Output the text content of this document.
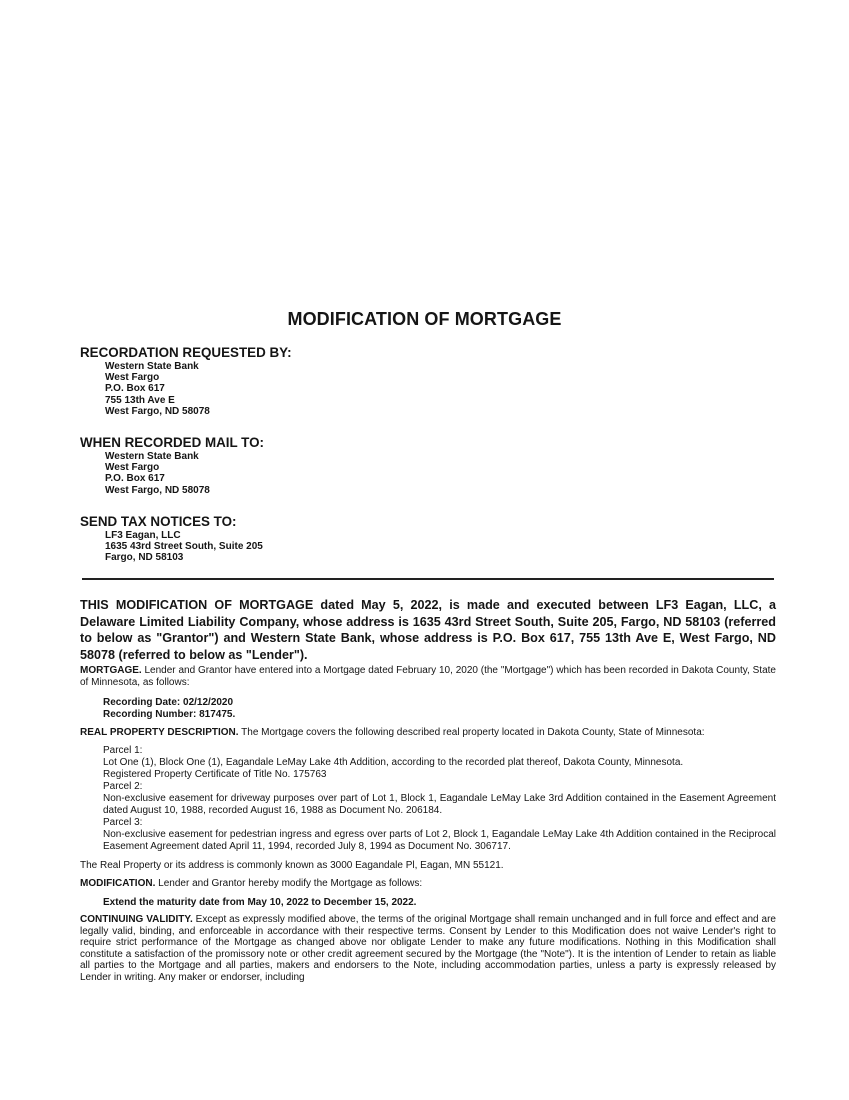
MODIFICATION OF MORTGAGE
RECORDATION REQUESTED BY:
Western State Bank
West Fargo
P.O. Box 617
755 13th Ave E
West Fargo, ND 58078
WHEN RECORDED MAIL TO:
Western State Bank
West Fargo
P.O. Box 617
West Fargo, ND 58078
SEND TAX NOTICES TO:
LF3 Eagan, LLC
1635 43rd Street South, Suite 205
Fargo, ND 58103
THIS MODIFICATION OF MORTGAGE dated May 5, 2022, is made and executed between LF3 Eagan, LLC, a Delaware Limited Liability Company, whose address is 1635 43rd Street South, Suite 205, Fargo, ND 58103 (referred to below as "Grantor") and Western State Bank, whose address is P.O. Box 617, 755 13th Ave E, West Fargo, ND 58078 (referred to below as "Lender").
MORTGAGE. Lender and Grantor have entered into a Mortgage dated February 10, 2020 (the "Mortgage") which has been recorded in Dakota County, State of Minnesota, as follows:
Recording Date: 02/12/2020
Recording Number: 817475.
REAL PROPERTY DESCRIPTION. The Mortgage covers the following described real property located in Dakota County, State of Minnesota:
Parcel 1:
Lot One (1), Block One (1), Eagandale LeMay Lake 4th Addition, according to the recorded plat thereof, Dakota County, Minnesota.
Registered Property Certificate of Title No. 175763
Parcel 2:
Non-exclusive easement for driveway purposes over part of Lot 1, Block 1, Eagandale LeMay Lake 3rd Addition contained in the Easement Agreement dated August 10, 1988, recorded August 16, 1988 as Document No. 206184.
Parcel 3:
Non-exclusive easement for pedestrian ingress and egress over parts of Lot 2, Block 1, Eagandale LeMay Lake 4th Addition contained in the Reciprocal Easement Agreement dated April 11, 1994, recorded July 8, 1994 as Document No. 306717.
The Real Property or its address is commonly known as 3000 Eagandale Pl, Eagan, MN 55121.
MODIFICATION. Lender and Grantor hereby modify the Mortgage as follows:
Extend the maturity date from May 10, 2022 to December 15, 2022.
CONTINUING VALIDITY. Except as expressly modified above, the terms of the original Mortgage shall remain unchanged and in full force and effect and are legally valid, binding, and enforceable in accordance with their respective terms. Consent by Lender to this Modification does not waive Lender's right to require strict performance of the Mortgage as changed above nor obligate Lender to make any future modifications. Nothing in this Modification shall constitute a satisfaction of the promissory note or other credit agreement secured by the Mortgage (the "Note"). It is the intention of Lender to retain as liable all parties to the Mortgage and all parties, makers and endorsers to the Note, including accommodation parties, unless a party is expressly released by Lender in writing. Any maker or endorser, including
